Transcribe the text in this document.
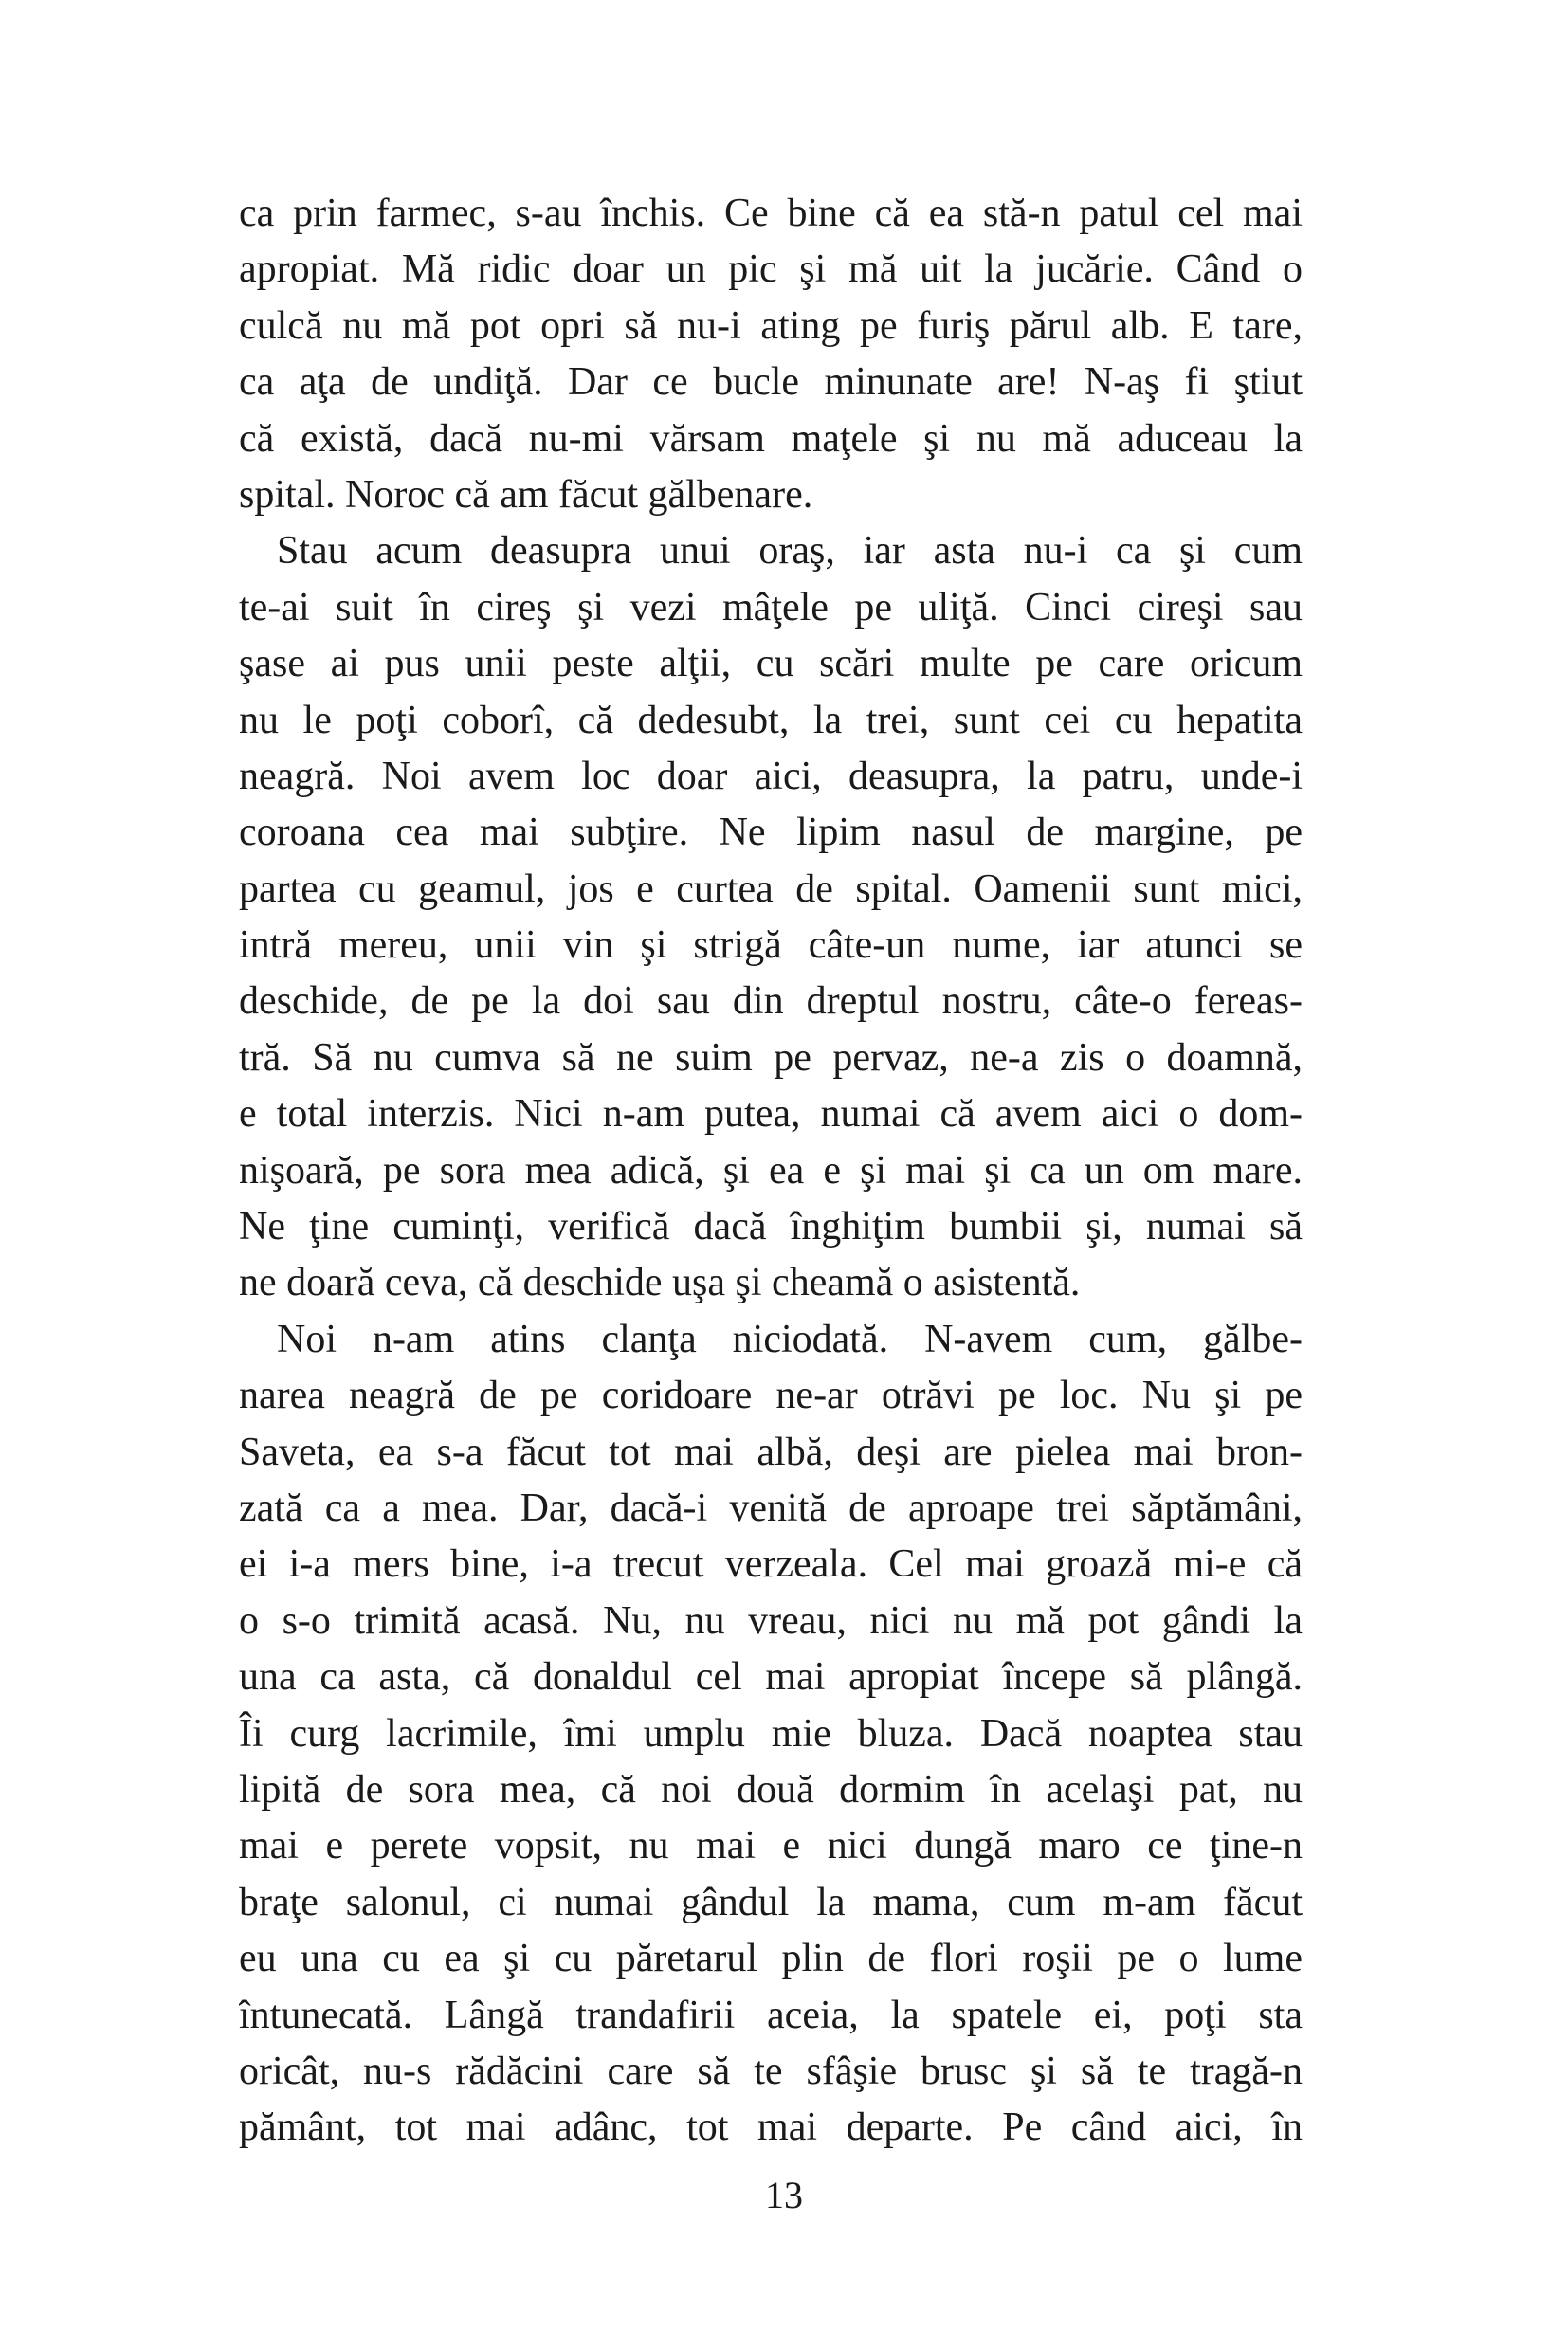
ca prin farmec, s-au închis. Ce bine că ea stă-n patul cel mai
apropiat. Mă ridic doar un pic şi mă uit la jucărie. Când o
culcă nu mă pot opri să nu-i ating pe furiş părul alb. E tare,
ca aţa de undiţă. Dar ce bucle minunate are! N-aş fi ştiut
că există, dacă nu-mi vărsam maţele şi nu mă aduceau la
spital. Noroc că am făcut gălbenare.
Stau acum deasupra unui oraş, iar asta nu-i ca şi cum
te-ai suit în cireş şi vezi mâţele pe uliţă. Cinci cireşi sau
şase ai pus unii peste alţii, cu scări multe pe care oricum
nu le poţi coborî, că dedesubt, la trei, sunt cei cu hepatita
neagră. Noi avem loc doar aici, deasupra, la patru, unde-i
coroana cea mai subţire. Ne lipim nasul de margine, pe
partea cu geamul, jos e curtea de spital. Oamenii sunt mici,
intră mereu, unii vin şi strigă câte-un nume, iar atunci se
deschide, de pe la doi sau din dreptul nostru, câte-o fereas-
tră. Să nu cumva să ne suim pe pervaz, ne-a zis o doamnă,
e total interzis. Nici n-am putea, numai că avem aici o dom-
nişoară, pe sora mea adică, şi ea e şi mai şi ca un om mare.
Ne ţine cuminţi, verifică dacă înghiţim bumbii şi, numai să
ne doară ceva, că deschide uşa şi cheamă o asistentă.
Noi n-am atins clanţa niciodată. N-avem cum, gălbe-
narea neagră de pe coridoare ne-ar otrăvi pe loc. Nu şi pe
Saveta, ea s-a făcut tot mai albă, deşi are pielea mai bron-
zată ca a mea. Dar, dacă-i venită de aproape trei săptămâni,
ei i-a mers bine, i-a trecut verzeala. Cel mai groază mi-e că
o s-o trimită acasă. Nu, nu vreau, nici nu mă pot gândi la
una ca asta, că donaldul cel mai apropiat începe să plângă.
Îi curg lacrimile, îmi umplu mie bluza. Dacă noaptea stau
lipită de sora mea, că noi două dormim în acelaşi pat, nu
mai e perete vopsit, nu mai e nici dungă maro ce ţine-n
braţe salonul, ci numai gândul la mama, cum m-am făcut
eu una cu ea şi cu păretarul plin de flori roşii pe o lume
întunecată. Lângă trandafirii aceia, la spatele ei, poţi sta
oricât, nu-s rădăcini care să te sfâşie brusc şi să te tragă-n
pământ, tot mai adânc, tot mai departe. Pe când aici, în
13
